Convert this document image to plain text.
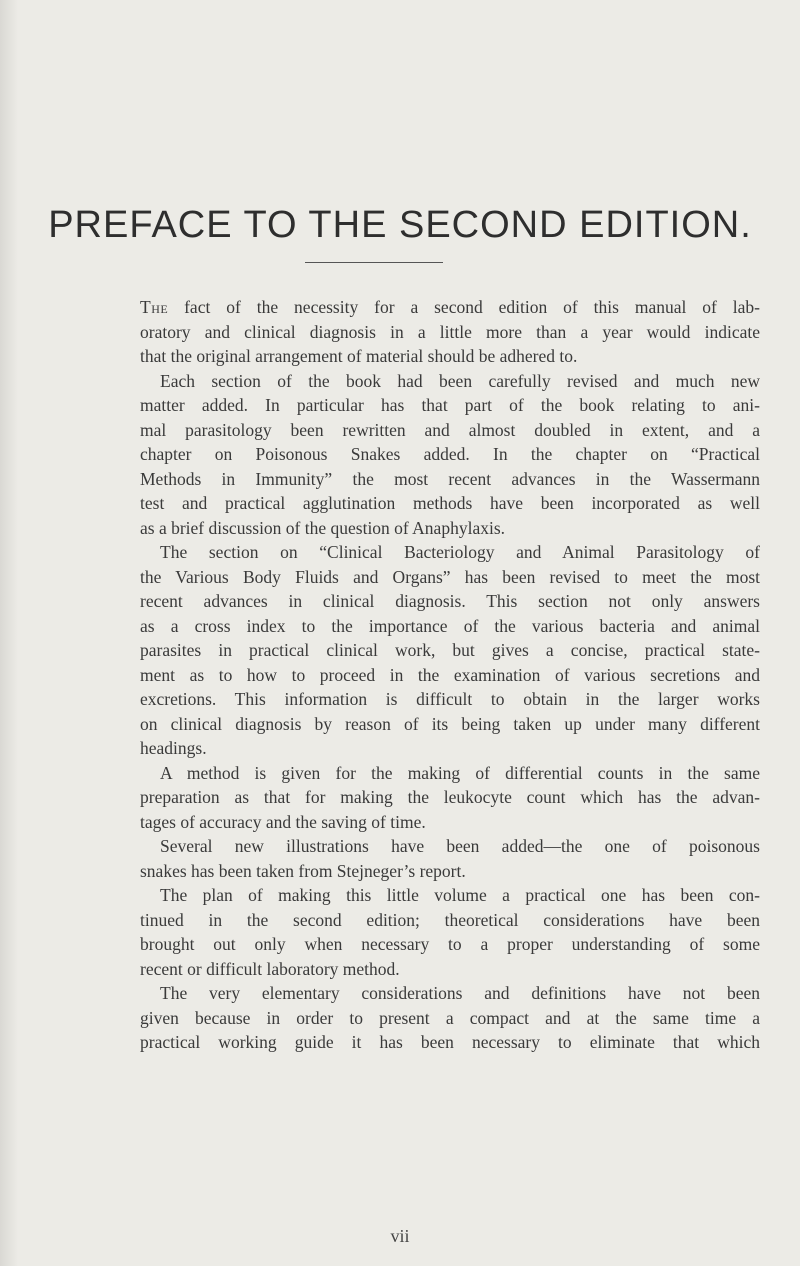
PREFACE TO THE SECOND EDITION.
The fact of the necessity for a second edition of this manual of lab-
oratory and clinical diagnosis in a little more than a year would indicate
that the original arrangement of material should be adhered to.
Each section of the book had been carefully revised and much new
matter added. In particular has that part of the book relating to ani-
mal parasitology been rewritten and almost doubled in extent, and a
chapter on Poisonous Snakes added. In the chapter on “Practical
Methods in Immunity” the most recent advances in the Wassermann
test and practical agglutination methods have been incorporated as well
as a brief discussion of the question of Anaphylaxis.
The section on “Clinical Bacteriology and Animal Parasitology of
the Various Body Fluids and Organs” has been revised to meet the most
recent advances in clinical diagnosis. This section not only answers
as a cross index to the importance of the various bacteria and animal
parasites in practical clinical work, but gives a concise, practical state-
ment as to how to proceed in the examination of various secretions and
excretions. This information is difficult to obtain in the larger works
on clinical diagnosis by reason of its being taken up under many different
headings.
A method is given for the making of differential counts in the same
preparation as that for making the leukocyte count which has the advan-
tages of accuracy and the saving of time.
Several new illustrations have been added—the one of poisonous
snakes has been taken from Stejneger’s report.
The plan of making this little volume a practical one has been con-
tinued in the second edition; theoretical considerations have been
brought out only when necessary to a proper understanding of some
recent or difficult laboratory method.
The very elementary considerations and definitions have not been
given because in order to present a compact and at the same time a
practical working guide it has been necessary to eliminate that which
vii
